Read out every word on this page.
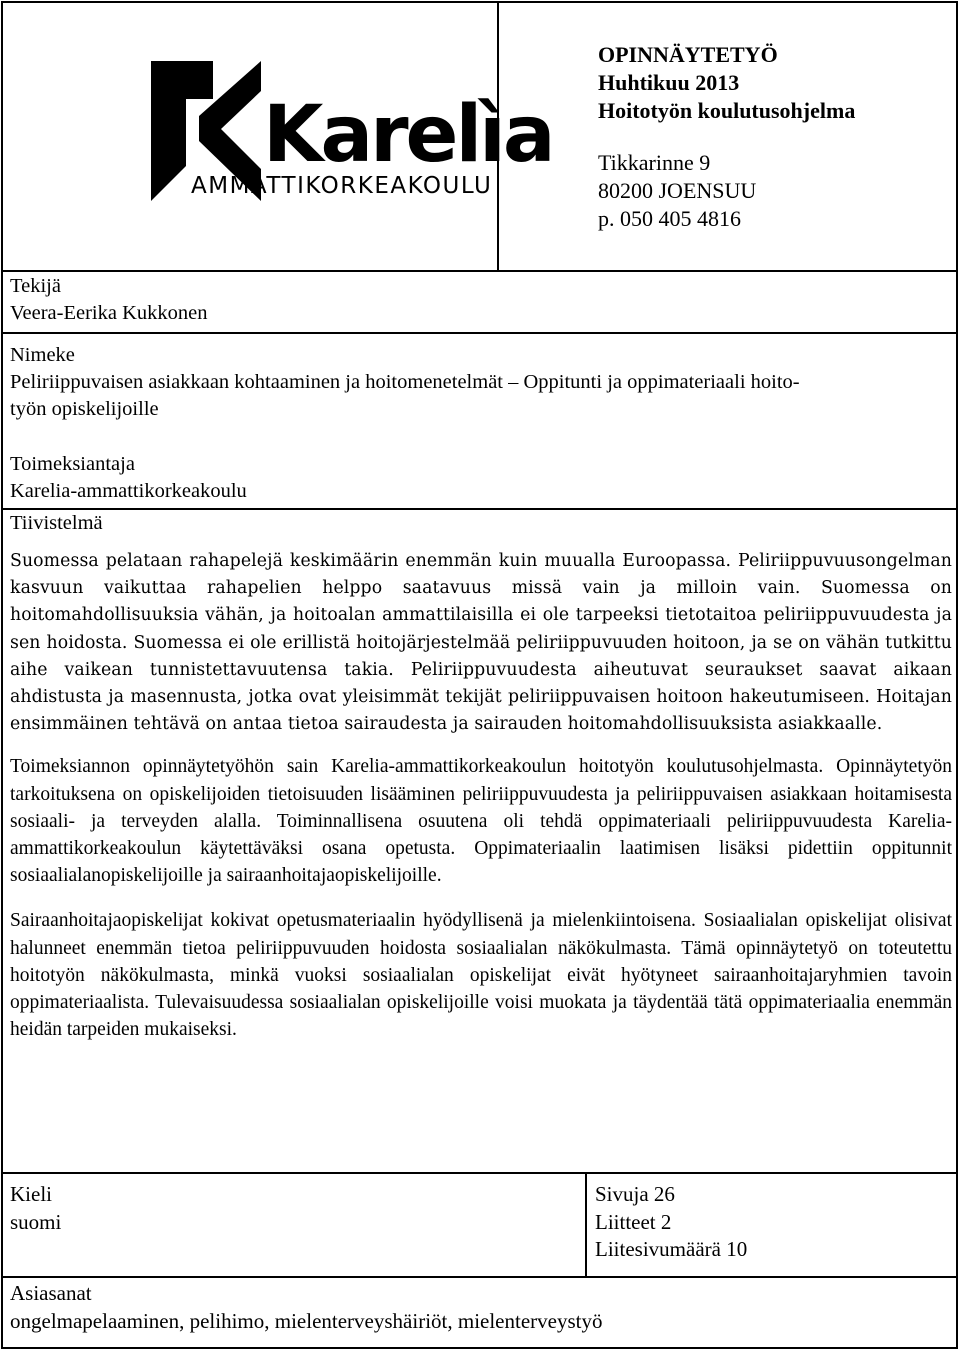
Karelìa
AMMATTIKORKEAKOULU
OPINNÄYTETYÖ
Huhtikuu 2013
Hoitotyön koulutusohjelma
Tikkarinne 9
80200 JOENSUU
p. 050 405 4816

Tekijä

Veera-Eerika Kukkonen

Nimeke

Peliriippuvaisen asiakkaan kohtaaminen ja hoitomenetelmät – Oppitunti ja oppimateriaali hoito-

työn opiskelijoille

Toimeksiantaja

Karelia-ammattikorkeakoulu

Tiivistelmä

Suomessa pelataan rahapelejä keskimäärin enemmän kuin muualla Euroopassa. Peliriippuvuusongelman kasvuun vaikuttaa rahapelien helppo saatavuus missä vain ja milloin vain. Suomessa on hoitomahdollisuuksia vähän, ja hoitoalan ammattilaisilla ei ole tarpeeksi tietotaitoa peliriippuvuudesta ja sen hoidosta. Suomessa ei ole erillistä hoitojärjestelmää peliriippuvuuden hoitoon, ja se on vähän tutkittu aihe vaikean tunnistettavuutensa takia. Peliriippuvuudesta aiheutuvat seuraukset saavat aikaan ahdistusta ja masennusta, jotka ovat yleisimmät tekijät peliriippuvaisen hoitoon hakeutumiseen. Hoitajan ensimmäinen tehtävä on antaa tietoa sairaudesta ja sairauden hoitomahdollisuuksista asiakkaalle.

Toimeksiannon opinnäytetyöhön sain Karelia-ammattikorkeakoulun hoitotyön koulutusohjelmasta. Opinnäytetyön tarkoituksena on opiskelijoiden tietoisuuden lisääminen peliriippuvuudesta ja peliriippuvaisen asiakkaan hoitamisesta sosiaali- ja terveyden alalla. Toiminnallisena osuutena oli tehdä oppimateriaali peliriippuvuudesta Karelia-ammattikorkeakoulun käytettäväksi osana opetusta. Oppimateriaalin laatimisen lisäksi pidettiin oppitunnit sosiaalialanopiskelijoille ja sairaanhoitajaopiskelijoille.

Sairaanhoitajaopiskelijat kokivat opetusmateriaalin hyödyllisenä ja mielenkiintoisena. Sosiaalialan opiskelijat olisivat halunneet enemmän tietoa peliriippuvuuden hoidosta sosiaalialan näkökulmasta. Tämä opinnäytetyö on toteutettu hoitotyön näkökulmasta, minkä vuoksi sosiaalialan opiskelijat eivät hyötyneet sairaanhoitajaryhmien tavoin oppimateriaalista. Tulevaisuudessa sosiaalialan opiskelijoille voisi muokata ja täydentää tätä oppimateriaalia enemmän heidän tarpeiden mukaiseksi.

Kieli

suomi

Sivuja 26

Liitteet 2

Liitesivumäärä 10

Asiasanat

ongelmapelaaminen, pelihimo, mielenterveyshäiriöt, mielenterveystyö
